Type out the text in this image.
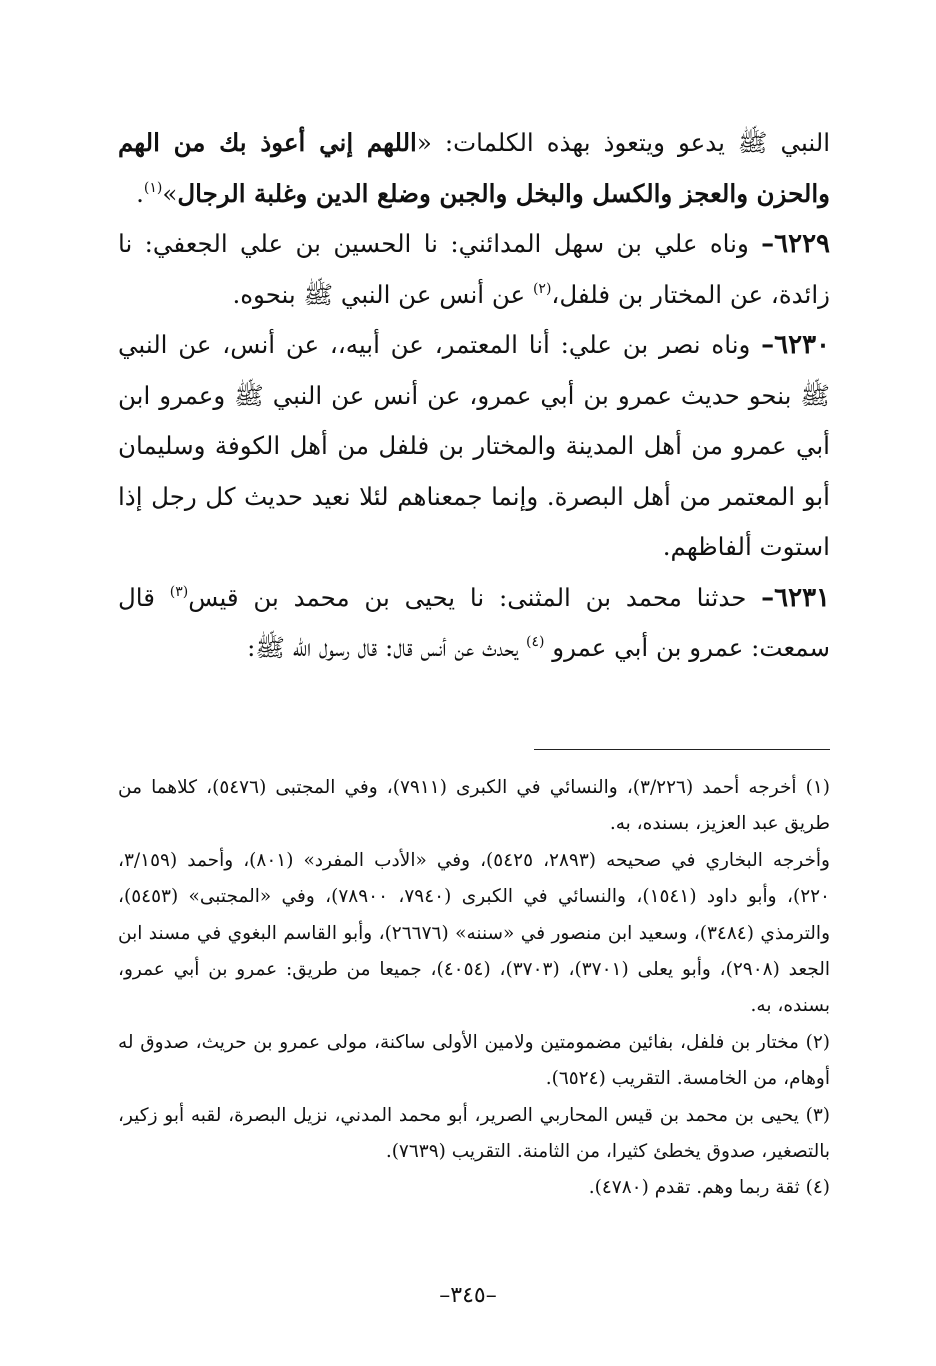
النبي ﷺ يدعو ويتعوذ بهذه الكلمات: «اللهم إني أعوذ بك من الهم والحزن والعجز والكسل والبخل والجبن وضلع الدين وغلبة الرجال»$^{(١)}$.

٦٢٢٩– وناه علي بن سهل المدائني: نا الحسين بن علي الجعفي: نا زائدة، عن المختار بن فلفل،$^{(٢)}$ عن أنس عن النبي ﷺ بنحوه.

٦٢٣٠– وناه نصر بن علي: أنا المعتمر، عن أبيه،، عن أنس، عن النبي ﷺ بنحو حديث عمرو بن أبي عمرو، عن أنس عن النبي ﷺ وعمرو ابن أبي عمرو من أهل المدينة والمختار بن فلفل من أهل الكوفة وسليمان أبو المعتمر من أهل البصرة. وإنما جمعناهم لئلا نعيد حديث كل رجل إذا استوت ألفاظهم.

٦٢٣١– حدثنا محمد بن المثنى: نا يحيى بن محمد بن قيس$^{(٣)}$ قال سمعت: عمرو بن أبي عمرو $^{(٤)}$ يحدث عن أنس قال: قال رسول الله ﷺ:

(١) أخرجه أحمد (٣/٢٢٦)، والنسائي في الكبرى (٧٩١١)، وفي المجتبى (٥٤٧٦)، كلاهما من طريق عبد العزيز، بسنده، به.

وأخرجه البخاري في صحيحه (٢٨٩٣، ٥٤٢٥)، وفي «الأدب المفرد» (٨٠١)، وأحمد (٣/١٥٩، ٢٢٠)، وأبو داود (١٥٤١)، والنسائي في الكبرى (٧٩٤٠، ٧٨٩٠٠)، وفي «المجتبى» (٥٤٥٣)، والترمذي (٣٤٨٤)، وسعيد ابن منصور في «سننه» (٢٦٦٧٦)، وأبو القاسم البغوي في مسند ابن الجعد (٢٩٠٨)، وأبو يعلى (٣٧٠١)، (٣٧٠٣)، (٤٠٥٤)، جميعا من طريق: عمرو بن أبي عمرو، بسنده، به.

(٢) مختار بن فلفل، بفائين مضمومتين ولامين الأولى ساكنة، مولى عمرو بن حريث، صدوق له أوهام، من الخامسة. التقريب (٦٥٢٤).

(٣) يحيى بن محمد بن قيس المحاربي الصرير، أبو محمد المدني، نزيل البصرة، لقبه أبو زكير، بالتصغير، صدوق يخطئ كثيرا، من الثامنة. التقريب (٧٦٣٩).

(٤) ثقة ربما وهم. تقدم (٤٧٨٠).

–٣٤٥–
